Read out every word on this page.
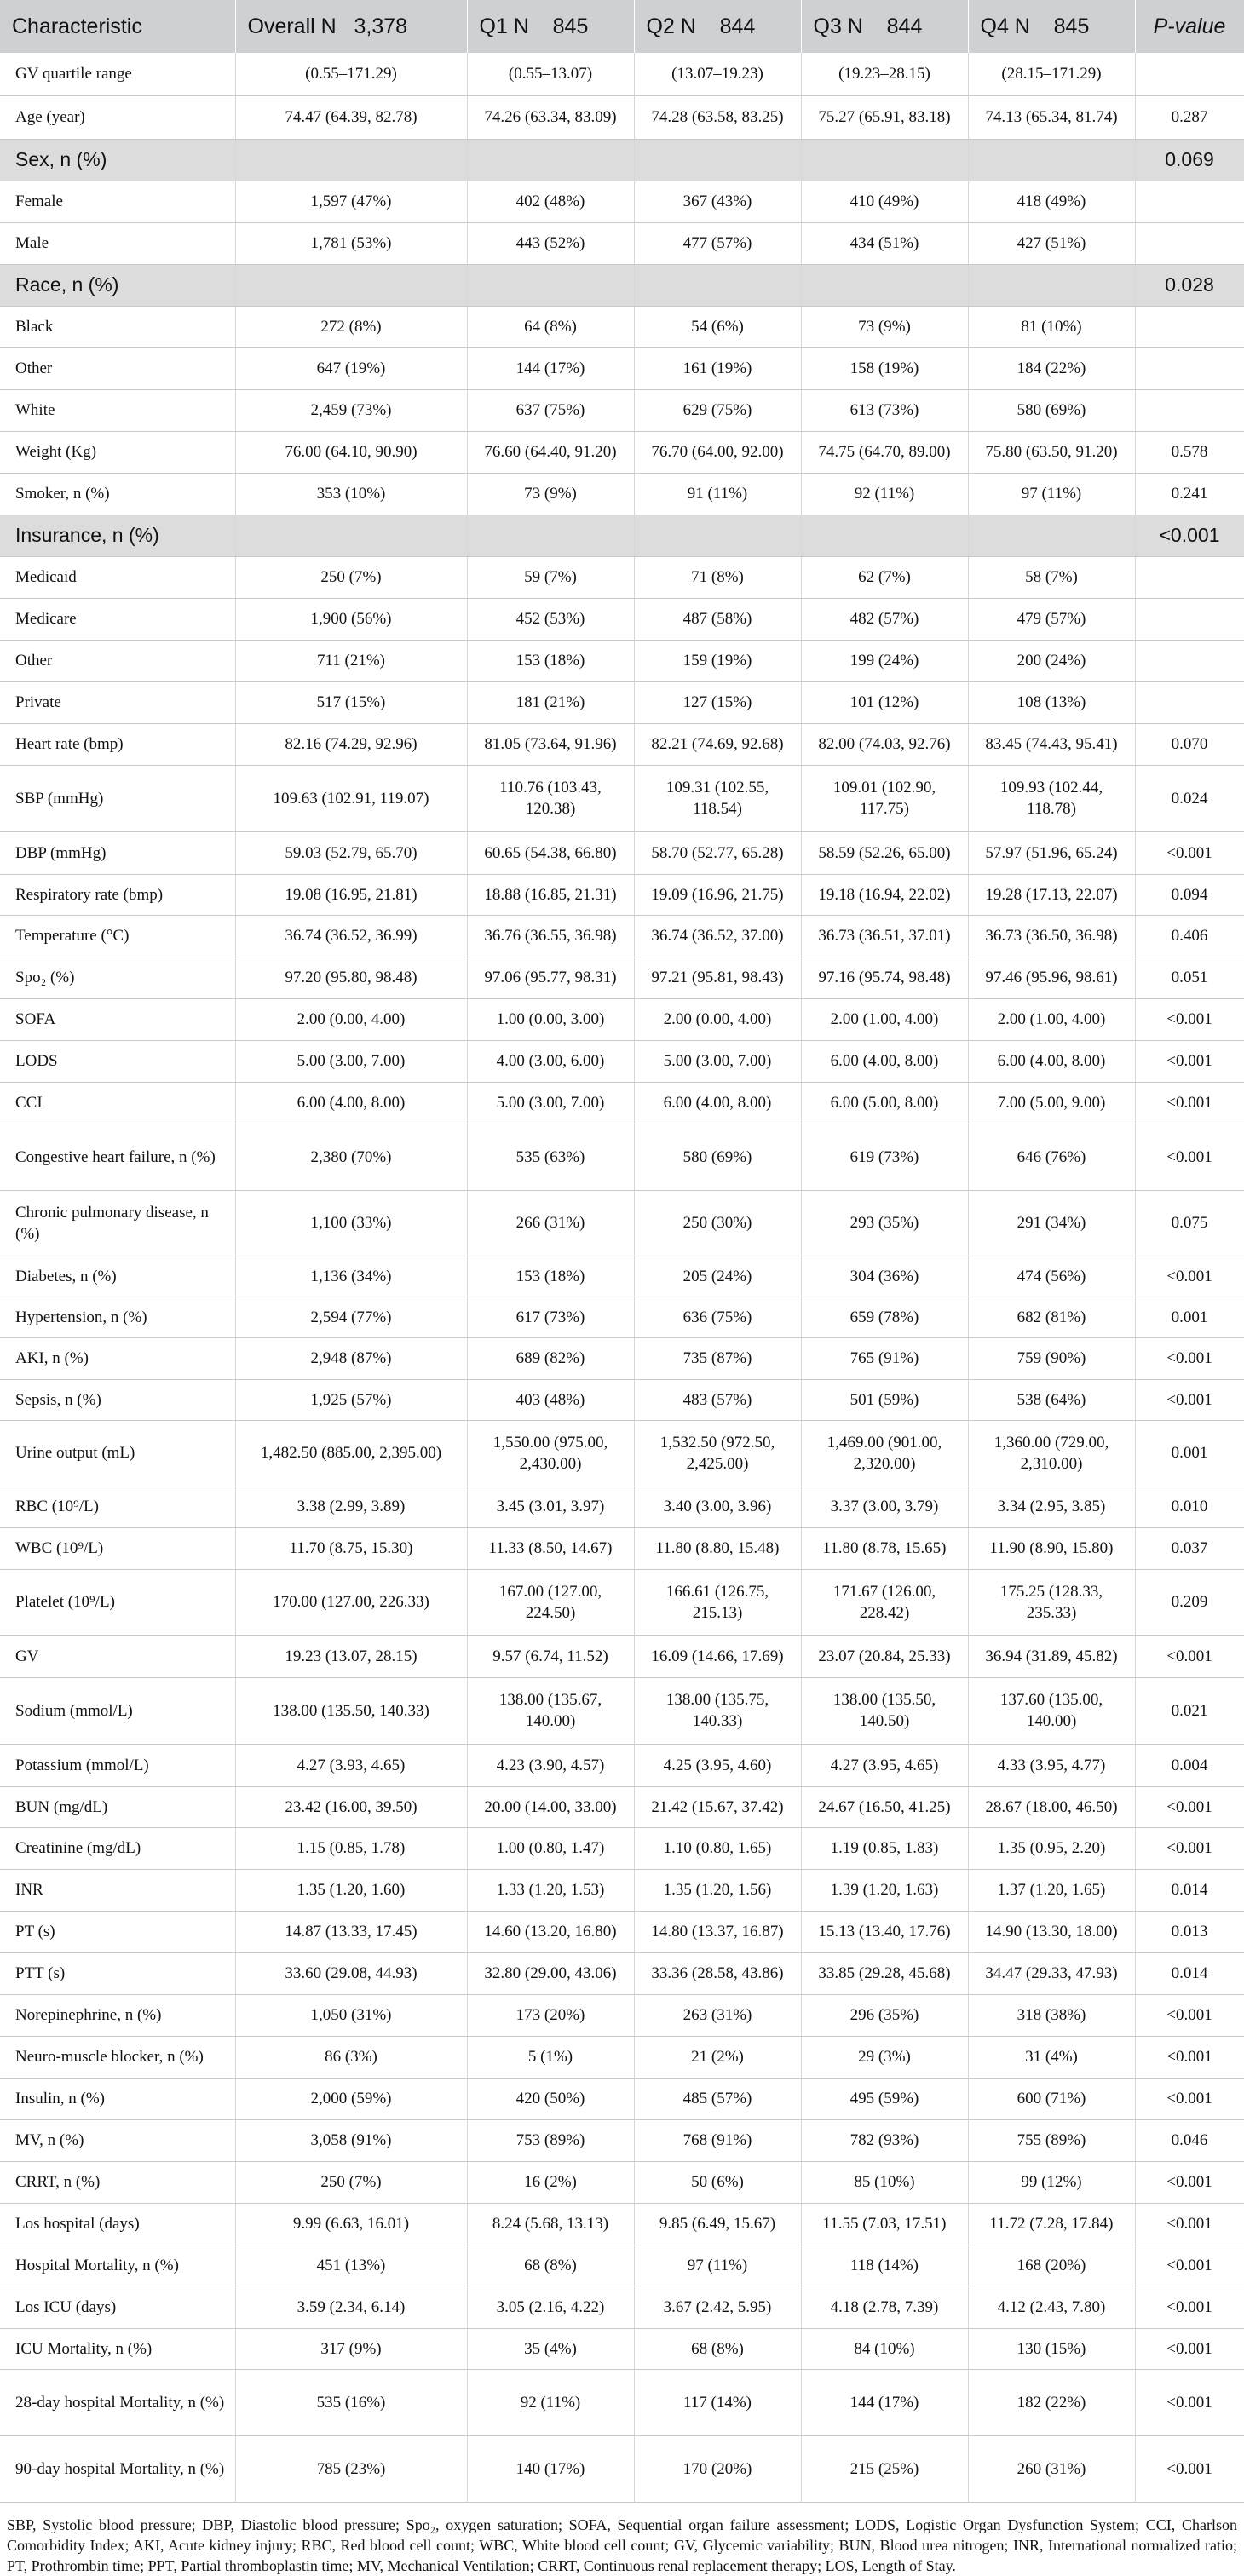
Characteristic	Overall N   3,378	Q1 N    845	Q2 N    844	Q3 N    844	Q4 N    845	P-value
GV quartile range	(0.55–171.29)	(0.55–13.07)	(13.07–19.23)	(19.23–28.15)	(28.15–171.29)	
Age (year)	74.47 (64.39, 82.78)	74.26 (63.34, 83.09)	74.28 (63.58, 83.25)	75.27 (65.91, 83.18)	74.13 (65.34, 81.74)	0.287
Sex, n (%)						0.069
Female	1,597 (47%)	402 (48%)	367 (43%)	410 (49%)	418 (49%)	
Male	1,781 (53%)	443 (52%)	477 (57%)	434 (51%)	427 (51%)	
Race, n (%)						0.028
Black	272 (8%)	64 (8%)	54 (6%)	73 (9%)	81 (10%)	
Other	647 (19%)	144 (17%)	161 (19%)	158 (19%)	184 (22%)	
White	2,459 (73%)	637 (75%)	629 (75%)	613 (73%)	580 (69%)	
Weight (Kg)	76.00 (64.10, 90.90)	76.60 (64.40, 91.20)	76.70 (64.00, 92.00)	74.75 (64.70, 89.00)	75.80 (63.50, 91.20)	0.578
Smoker, n (%)	353 (10%)	73 (9%)	91 (11%)	92 (11%)	97 (11%)	0.241
Insurance, n (%)						<0.001
Medicaid	250 (7%)	59 (7%)	71 (8%)	62 (7%)	58 (7%)	
Medicare	1,900 (56%)	452 (53%)	487 (58%)	482 (57%)	479 (57%)	
Other	711 (21%)	153 (18%)	159 (19%)	199 (24%)	200 (24%)	
Private	517 (15%)	181 (21%)	127 (15%)	101 (12%)	108 (13%)	
Heart rate (bmp)	82.16 (74.29, 92.96)	81.05 (73.64, 91.96)	82.21 (74.69, 92.68)	82.00 (74.03, 92.76)	83.45 (74.43, 95.41)	0.070
SBP (mmHg)	109.63 (102.91, 119.07)	110.76 (103.43, 120.38)	109.31 (102.55, 118.54)	109.01 (102.90, 117.75)	109.93 (102.44, 118.78)	0.024
DBP (mmHg)	59.03 (52.79, 65.70)	60.65 (54.38, 66.80)	58.70 (52.77, 65.28)	58.59 (52.26, 65.00)	57.97 (51.96, 65.24)	<0.001
Respiratory rate (bmp)	19.08 (16.95, 21.81)	18.88 (16.85, 21.31)	19.09 (16.96, 21.75)	19.18 (16.94, 22.02)	19.28 (17.13, 22.07)	0.094
Temperature (°C)	36.74 (36.52, 36.99)	36.76 (36.55, 36.98)	36.74 (36.52, 37.00)	36.73 (36.51, 37.01)	36.73 (36.50, 36.98)	0.406
Spo₂ (%)	97.20 (95.80, 98.48)	97.06 (95.77, 98.31)	97.21 (95.81, 98.43)	97.16 (95.74, 98.48)	97.46 (95.96, 98.61)	0.051
SOFA	2.00 (0.00, 4.00)	1.00 (0.00, 3.00)	2.00 (0.00, 4.00)	2.00 (1.00, 4.00)	2.00 (1.00, 4.00)	<0.001
LODS	5.00 (3.00, 7.00)	4.00 (3.00, 6.00)	5.00 (3.00, 7.00)	6.00 (4.00, 8.00)	6.00 (4.00, 8.00)	<0.001
CCI	6.00 (4.00, 8.00)	5.00 (3.00, 7.00)	6.00 (4.00, 8.00)	6.00 (5.00, 8.00)	7.00 (5.00, 9.00)	<0.001
Congestive heart failure, n (%)	2,380 (70%)	535 (63%)	580 (69%)	619 (73%)	646 (76%)	<0.001
Chronic pulmonary disease, n (%)	1,100 (33%)	266 (31%)	250 (30%)	293 (35%)	291 (34%)	0.075
Diabetes, n (%)	1,136 (34%)	153 (18%)	205 (24%)	304 (36%)	474 (56%)	<0.001
Hypertension, n (%)	2,594 (77%)	617 (73%)	636 (75%)	659 (78%)	682 (81%)	0.001
AKI, n (%)	2,948 (87%)	689 (82%)	735 (87%)	765 (91%)	759 (90%)	<0.001
Sepsis, n (%)	1,925 (57%)	403 (48%)	483 (57%)	501 (59%)	538 (64%)	<0.001
Urine output (mL)	1,482.50 (885.00, 2,395.00)	1,550.00 (975.00, 2,430.00)	1,532.50 (972.50, 2,425.00)	1,469.00 (901.00, 2,320.00)	1,360.00 (729.00, 2,310.00)	0.001
RBC (10⁹/L)	3.38 (2.99, 3.89)	3.45 (3.01, 3.97)	3.40 (3.00, 3.96)	3.37 (3.00, 3.79)	3.34 (2.95, 3.85)	0.010
WBC (10⁹/L)	11.70 (8.75, 15.30)	11.33 (8.50, 14.67)	11.80 (8.80, 15.48)	11.80 (8.78, 15.65)	11.90 (8.90, 15.80)	0.037
Platelet (10⁹/L)	170.00 (127.00, 226.33)	167.00 (127.00, 224.50)	166.61 (126.75, 215.13)	171.67 (126.00, 228.42)	175.25 (128.33, 235.33)	0.209
GV	19.23 (13.07, 28.15)	9.57 (6.74, 11.52)	16.09 (14.66, 17.69)	23.07 (20.84, 25.33)	36.94 (31.89, 45.82)	<0.001
Sodium (mmol/L)	138.00 (135.50, 140.33)	138.00 (135.67, 140.00)	138.00 (135.75, 140.33)	138.00 (135.50, 140.50)	137.60 (135.00, 140.00)	0.021
Potassium (mmol/L)	4.27 (3.93, 4.65)	4.23 (3.90, 4.57)	4.25 (3.95, 4.60)	4.27 (3.95, 4.65)	4.33 (3.95, 4.77)	0.004
BUN (mg/dL)	23.42 (16.00, 39.50)	20.00 (14.00, 33.00)	21.42 (15.67, 37.42)	24.67 (16.50, 41.25)	28.67 (18.00, 46.50)	<0.001
Creatinine (mg/dL)	1.15 (0.85, 1.78)	1.00 (0.80, 1.47)	1.10 (0.80, 1.65)	1.19 (0.85, 1.83)	1.35 (0.95, 2.20)	<0.001
INR	1.35 (1.20, 1.60)	1.33 (1.20, 1.53)	1.35 (1.20, 1.56)	1.39 (1.20, 1.63)	1.37 (1.20, 1.65)	0.014
PT (s)	14.87 (13.33, 17.45)	14.60 (13.20, 16.80)	14.80 (13.37, 16.87)	15.13 (13.40, 17.76)	14.90 (13.30, 18.00)	0.013
PTT (s)	33.60 (29.08, 44.93)	32.80 (29.00, 43.06)	33.36 (28.58, 43.86)	33.85 (29.28, 45.68)	34.47 (29.33, 47.93)	0.014
Norepinephrine, n (%)	1,050 (31%)	173 (20%)	263 (31%)	296 (35%)	318 (38%)	<0.001
Neuro-muscle blocker, n (%)	86 (3%)	5 (1%)	21 (2%)	29 (3%)	31 (4%)	<0.001
Insulin, n (%)	2,000 (59%)	420 (50%)	485 (57%)	495 (59%)	600 (71%)	<0.001
MV, n (%)	3,058 (91%)	753 (89%)	768 (91%)	782 (93%)	755 (89%)	0.046
CRRT, n (%)	250 (7%)	16 (2%)	50 (6%)	85 (10%)	99 (12%)	<0.001
Los hospital (days)	9.99 (6.63, 16.01)	8.24 (5.68, 13.13)	9.85 (6.49, 15.67)	11.55 (7.03, 17.51)	11.72 (7.28, 17.84)	<0.001
Hospital Mortality, n (%)	451 (13%)	68 (8%)	97 (11%)	118 (14%)	168 (20%)	<0.001
Los ICU (days)	3.59 (2.34, 6.14)	3.05 (2.16, 4.22)	3.67 (2.42, 5.95)	4.18 (2.78, 7.39)	4.12 (2.43, 7.80)	<0.001
ICU Mortality, n (%)	317 (9%)	35 (4%)	68 (8%)	84 (10%)	130 (15%)	<0.001
28-day hospital Mortality, n (%)	535 (16%)	92 (11%)	117 (14%)	144 (17%)	182 (22%)	<0.001
90-day hospital Mortality, n (%)	785 (23%)	140 (17%)	170 (20%)	215 (25%)	260 (31%)	<0.001
SBP, Systolic blood pressure; DBP, Diastolic blood pressure; Spo₂, oxygen saturation; SOFA, Sequential organ failure assessment; LODS, Logistic Organ Dysfunction System; CCI, Charlson Comorbidity Index; AKI, Acute kidney injury; RBC, Red blood cell count; WBC, White blood cell count; GV, Glycemic variability; BUN, Blood urea nitrogen; INR, International normalized ratio; PT, Prothrombin time; PPT, Partial thromboplastin time; MV, Mechanical Ventilation; CRRT, Continuous renal replacement therapy; LOS, Length of Stay.
